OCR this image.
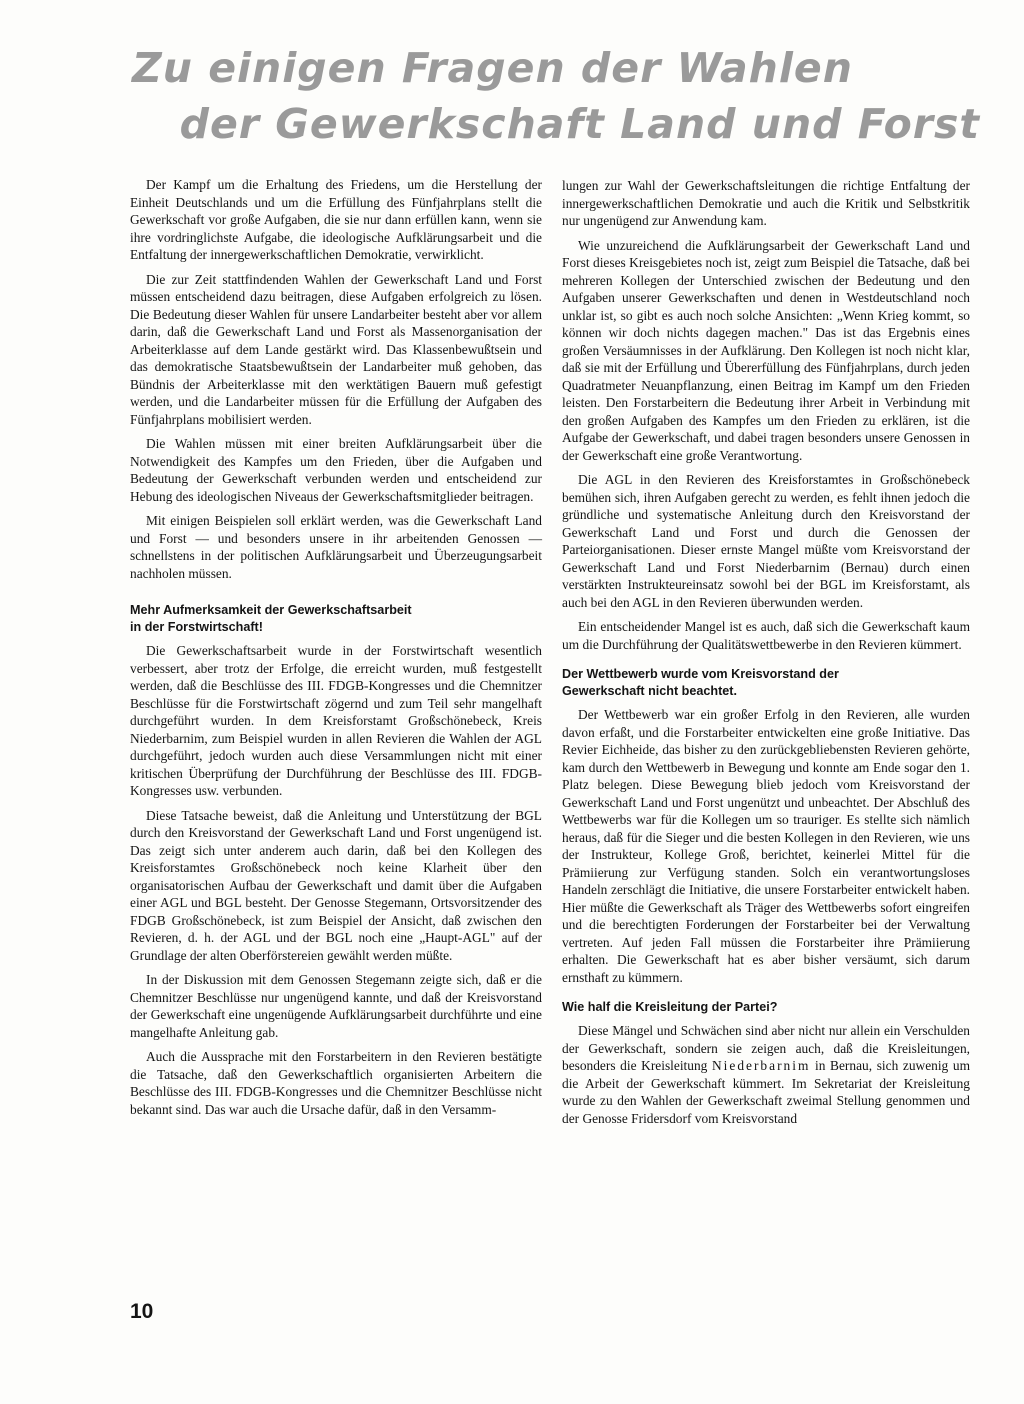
Zu einigen Fragen der Wahlen
der Gewerkschaft Land und Forst

Der Kampf um die Erhaltung des Friedens, um die Herstellung der Einheit Deutschlands und um die Erfüllung des Fünfjahrplans stellt die Gewerkschaft vor große Aufgaben, die sie nur dann erfüllen kann, wenn sie ihre vordringlichste Aufgabe, die ideologische Aufklärungsarbeit und die Entfaltung der innergewerkschaftlichen Demokratie, verwirklicht.

Die zur Zeit stattfindenden Wahlen der Gewerkschaft Land und Forst müssen entscheidend dazu beitragen, diese Aufgaben erfolgreich zu lösen. Die Bedeutung dieser Wahlen für unsere Landarbeiter besteht aber vor allem darin, daß die Gewerkschaft Land und Forst als Massenorganisation der Arbeiterklasse auf dem Lande gestärkt wird. Das Klassenbewußtsein und das demokratische Staatsbewußtsein der Landarbeiter muß gehoben, das Bündnis der Arbeiterklasse mit den werktätigen Bauern muß gefestigt werden, und die Landarbeiter müssen für die Erfüllung der Aufgaben des Fünfjahrplans mobilisiert werden.

Die Wahlen müssen mit einer breiten Aufklärungsarbeit über die Notwendigkeit des Kampfes um den Frieden, über die Aufgaben und Bedeutung der Gewerkschaft verbunden werden und entscheidend zur Hebung des ideologischen Niveaus der Gewerkschaftsmitglieder beitragen.

Mit einigen Beispielen soll erklärt werden, was die Gewerkschaft Land und Forst — und besonders unsere in ihr arbeitenden Genossen — schnellstens in der politischen Aufklärungsarbeit und Überzeugungsarbeit nachholen müssen.

Mehr Aufmerksamkeit der Gewerkschaftsarbeit
in der Forstwirtschaft!

Die Gewerkschaftsarbeit wurde in der Forstwirtschaft wesentlich verbessert, aber trotz der Erfolge, die erreicht wurden, muß festgestellt werden, daß die Beschlüsse des III. FDGB-Kongresses und die Chemnitzer Beschlüsse für die Forstwirtschaft zögernd und zum Teil sehr mangelhaft durchgeführt wurden. In dem Kreisforstamt Großschönebeck, Kreis Niederbarnim, zum Beispiel wurden in allen Revieren die Wahlen der AGL durchgeführt, jedoch wurden auch diese Versammlungen nicht mit einer kritischen Überprüfung der Durchführung der Beschlüsse des III. FDGB-Kongresses usw. verbunden.

Diese Tatsache beweist, daß die Anleitung und Unterstützung der BGL durch den Kreisvorstand der Gewerkschaft Land und Forst ungenügend ist. Das zeigt sich unter anderem auch darin, daß bei den Kollegen des Kreisforstamtes Großschönebeck noch keine Klarheit über den organisatorischen Aufbau der Gewerkschaft und damit über die Aufgaben einer AGL und BGL besteht. Der Genosse Stegemann, Ortsvorsitzender des FDGB Großschönebeck, ist zum Beispiel der Ansicht, daß zwischen den Revieren, d. h. der AGL und der BGL noch eine „Haupt-AGL" auf der Grundlage der alten Oberförstereien gewählt werden müßte.

In der Diskussion mit dem Genossen Stegemann zeigte sich, daß er die Chemnitzer Beschlüsse nur ungenügend kannte, und daß der Kreisvorstand der Gewerkschaft eine ungenügende Aufklärungsarbeit durchführte und eine mangelhafte Anleitung gab.

Auch die Aussprache mit den Forstarbeitern in den Revieren bestätigte die Tatsache, daß den Gewerkschaftlich organisierten Arbeitern die Beschlüsse des III. FDGB-Kongresses und die Chemnitzer Beschlüsse nicht bekannt sind. Das war auch die Ursache dafür, daß in den Versamm-

lungen zur Wahl der Gewerkschaftsleitungen die richtige Entfaltung der innergewerkschaftlichen Demokratie und auch die Kritik und Selbstkritik nur ungenügend zur Anwendung kam.

Wie unzureichend die Aufklärungsarbeit der Gewerkschaft Land und Forst dieses Kreisgebietes noch ist, zeigt zum Beispiel die Tatsache, daß bei mehreren Kollegen der Unterschied zwischen der Bedeutung und den Aufgaben unserer Gewerkschaften und denen in Westdeutschland noch unklar ist, so gibt es auch noch solche Ansichten: „Wenn Krieg kommt, so können wir doch nichts dagegen machen." Das ist das Ergebnis eines großen Versäumnisses in der Aufklärung. Den Kollegen ist noch nicht klar, daß sie mit der Erfüllung und Übererfüllung des Fünfjahrplans, durch jeden Quadratmeter Neuanpflanzung, einen Beitrag im Kampf um den Frieden leisten. Den Forstarbeitern die Bedeutung ihrer Arbeit in Verbindung mit den großen Aufgaben des Kampfes um den Frieden zu erklären, ist die Aufgabe der Gewerkschaft, und dabei tragen besonders unsere Genossen in der Gewerkschaft eine große Verantwortung.

Die AGL in den Revieren des Kreisforstamtes in Großschönebeck bemühen sich, ihren Aufgaben gerecht zu werden, es fehlt ihnen jedoch die gründliche und systematische Anleitung durch den Kreisvorstand der Gewerkschaft Land und Forst und durch die Genossen der Parteiorganisationen. Dieser ernste Mangel müßte vom Kreisvorstand der Gewerkschaft Land und Forst Niederbarnim (Bernau) durch einen verstärkten Instrukteureinsatz sowohl bei der BGL im Kreisforstamt, als auch bei den AGL in den Revieren überwunden werden.

Ein entscheidender Mangel ist es auch, daß sich die Gewerkschaft kaum um die Durchführung der Qualitätswettbewerbe in den Revieren kümmert.

Der Wettbewerb wurde vom Kreisvorstand der
Gewerkschaft nicht beachtet.

Der Wettbewerb war ein großer Erfolg in den Revieren, alle wurden davon erfaßt, und die Forstarbeiter entwickelten eine große Initiative. Das Revier Eichheide, das bisher zu den zurückgebliebensten Revieren gehörte, kam durch den Wettbewerb in Bewegung und konnte am Ende sogar den 1. Platz belegen. Diese Bewegung blieb jedoch vom Kreisvorstand der Gewerkschaft Land und Forst ungenützt und unbeachtet. Der Abschluß des Wettbewerbs war für die Kollegen um so trauriger. Es stellte sich nämlich heraus, daß für die Sieger und die besten Kollegen in den Revieren, wie uns der Instrukteur, Kollege Groß, berichtet, keinerlei Mittel für die Prämiierung zur Verfügung standen. Solch ein verantwortungsloses Handeln zerschlägt die Initiative, die unsere Forstarbeiter entwickelt haben. Hier müßte die Gewerkschaft als Träger des Wettbewerbs sofort eingreifen und die berechtigten Forderungen der Forstarbeiter bei der Verwaltung vertreten. Auf jeden Fall müssen die Forstarbeiter ihre Prämiierung erhalten. Die Gewerkschaft hat es aber bisher versäumt, sich darum ernsthaft zu kümmern.

Wie half die Kreisleitung der Partei?

Diese Mängel und Schwächen sind aber nicht nur allein ein Verschulden der Gewerkschaft, sondern sie zeigen auch, daß die Kreisleitungen, besonders die Kreisleitung Niederbarnim in Bernau, sich zuwenig um die Arbeit der Gewerkschaft kümmert. Im Sekretariat der Kreisleitung wurde zu den Wahlen der Gewerkschaft zweimal Stellung genommen und der Genosse Fridersdorf vom Kreisvorstand

10
